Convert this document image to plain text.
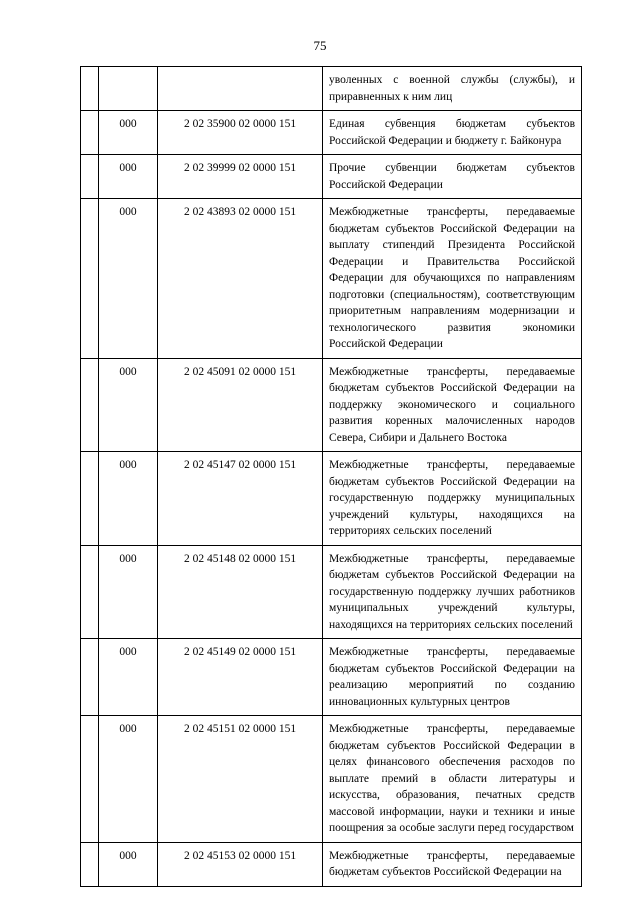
75
			уволенных с военной службы (службы), и приравненных к ним лиц
	000	2 02 35900 02 0000 151	Единая субвенция бюджетам субъектов Российской Федерации и бюджету г. Байконура
	000	2 02 39999 02 0000 151	Прочие субвенции бюджетам субъектов Российской Федерации
	000	2 02 43893 02 0000 151	Межбюджетные трансферты, передаваемые бюджетам субъектов Российской Федерации на выплату стипендий Президента Российской Федерации и Правительства Российской Федерации для обучающихся по направлениям подготовки (специальностям), соответствующим приоритетным направлениям модернизации и технологического развития экономики Российской Федерации
	000	2 02 45091 02 0000 151	Межбюджетные трансферты, передаваемые бюджетам субъектов Российской Федерации на поддержку экономического и социального развития коренных малочисленных народов Севера, Сибири и Дальнего Востока
	000	2 02 45147 02 0000 151	Межбюджетные трансферты, передаваемые бюджетам субъектов Российской Федерации на государственную поддержку муниципальных учреждений культуры, находящихся на территориях сельских поселений
	000	2 02 45148 02 0000 151	Межбюджетные трансферты, передаваемые бюджетам субъектов Российской Федерации на государственную поддержку лучших работников муниципальных учреждений культуры, находящихся на территориях сельских поселений
	000	2 02 45149 02 0000 151	Межбюджетные трансферты, передаваемые бюджетам субъектов Российской Федерации на реализацию мероприятий по созданию инновационных культурных центров
	000	2 02 45151 02 0000 151	Межбюджетные трансферты, передаваемые бюджетам субъектов Российской Федерации в целях финансового обеспечения расходов по выплате премий в области литературы и искусства, образования, печатных средств массовой информации, науки и техники и иные поощрения за особые заслуги перед государством
	000	2 02 45153 02 0000 151	Межбюджетные трансферты, передаваемые бюджетам субъектов Российской Федерации на
